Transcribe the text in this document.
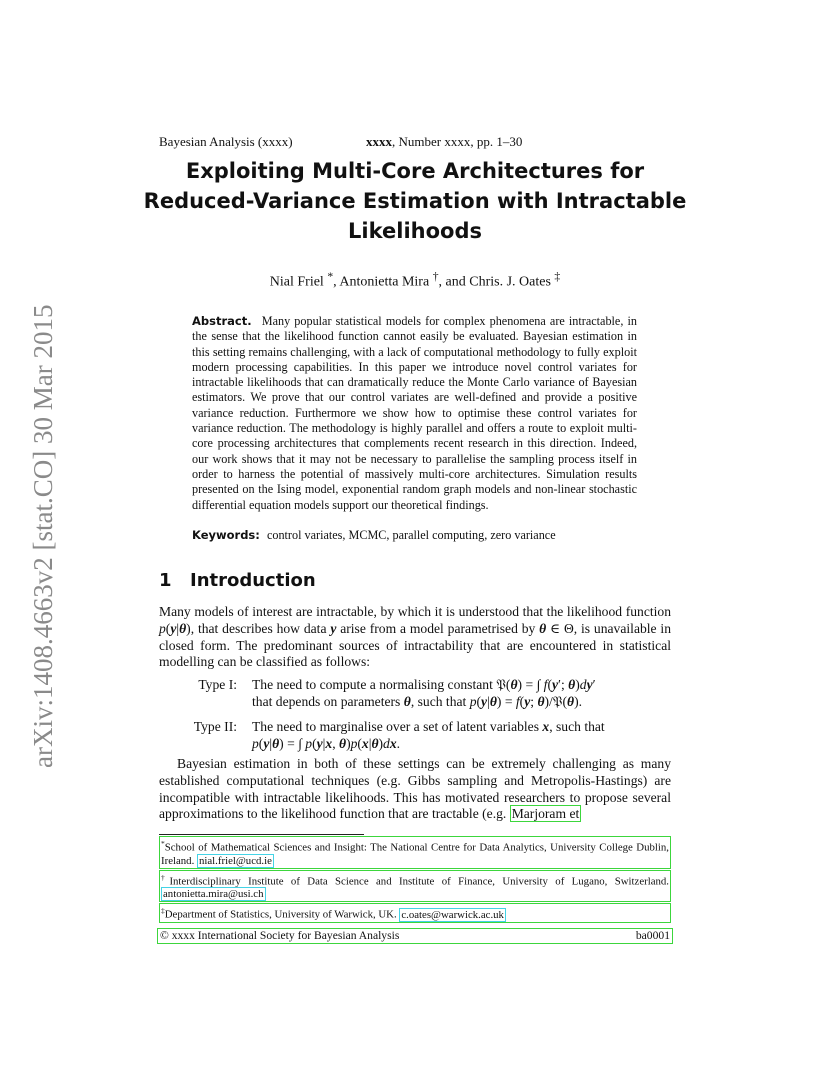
arXiv:1408.4663v2 [stat.CO] 30 Mar 2015
Bayesian Analysis (xxxx)	xxxx, Number xxxx, pp. 1–30
Exploiting Multi-Core Architectures for
Reduced-Variance Estimation with Intractable
Likelihoods
Nial Friel *, Antonietta Mira †, and Chris. J. Oates ‡
Abstract. Many popular statistical models for complex phenomena are intractable, in the sense that the likelihood function cannot easily be evaluated. Bayesian estimation in this setting remains challenging, with a lack of computational methodology to fully exploit modern processing capabilities. In this paper we introduce novel control variates for intractable likelihoods that can dramatically reduce the Monte Carlo variance of Bayesian estimators. We prove that our control variates are well-defined and provide a positive variance reduction. Furthermore we show how to optimise these control variates for variance reduction. The methodology is highly parallel and offers a route to exploit multi-core processing architectures that complements recent research in this direction. Indeed, our work shows that it may not be necessary to parallelise the sampling process itself in order to harness the potential of massively multi-core architectures. Simulation results presented on the Ising model, exponential random graph models and non-linear stochastic differential equation models support our theoretical findings.
Keywords: control variates, MCMC, parallel computing, zero variance
1 Introduction
Many models of interest are intractable, by which it is understood that the likelihood function p(y|θ), that describes how data y arise from a model parametrised by θ ∈ Θ, is unavailable in closed form. The predominant sources of intractability that are encountered in statistical modelling can be classified as follows:
Type I: The need to compute a normalising constant 𝔓(θ) = ∫ f(y′; θ)dy′
that depends on parameters θ, such that p(y|θ) = f(y; θ)/𝔓(θ).
Type II: The need to marginalise over a set of latent variables x, such that
p(y|θ) = ∫ p(y|x, θ)p(x|θ)dx.
Bayesian estimation in both of these settings can be extremely challenging as many established computational techniques (e.g. Gibbs sampling and Metropolis-Hastings) are incompatible with intractable likelihoods. This has motivated researchers to propose several approximations to the likelihood function that are tractable (e.g. Marjoram et
*School of Mathematical Sciences and Insight: The National Centre for Data Analytics, University College Dublin, Ireland. nial.friel@ucd.ie
†Interdisciplinary Institute of Data Science and Institute of Finance, University of Lugano, Switzerland. antonietta.mira@usi.ch
‡Department of Statistics, University of Warwick, UK. c.oates@warwick.ac.uk
© xxxx International Society for Bayesian Analysis	ba0001
